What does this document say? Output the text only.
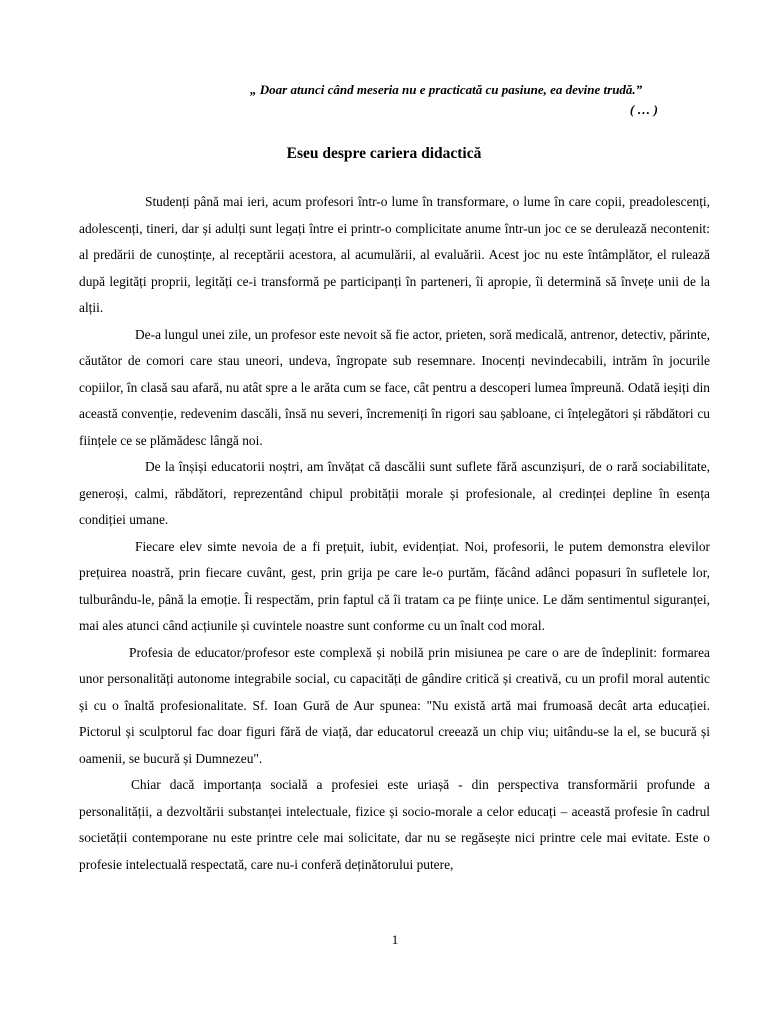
„ Doar atunci când meseria nu e practicată cu pasiune, ea devine trudă.”
( … )
Eseu despre cariera didactică

Studenți până mai ieri, acum profesori într-o lume în transformare, o lume în care copii, preadolescenți, adolescenți, tineri, dar și adulți sunt legați între ei printr-o complicitate anume într-un joc ce se derulează necontenit: al predării de cunoștințe, al receptării acestora, al acumulării, al evaluării. Acest joc nu este întâmplător, el rulează după legități proprii, legități ce-i transformă pe participanți în parteneri, îi apropie, îi determină să învețe unii de la alții.

De-a lungul unei zile, un profesor este nevoit să fie actor, prieten, soră medicală, antrenor, detectiv, părinte, căutător de comori care stau uneori, undeva, îngropate sub resemnare. Inocenți nevindecabili, intrăm în jocurile copiilor, în clasă sau afară, nu atât spre a le arăta cum se face, cât pentru a descoperi lumea împreună. Odată ieșiți din această convenție, redevenim dascăli, însă nu severi, încremeniți în rigori sau șabloane, ci înțelegători și răbdători cu ființele ce se plămădesc lângă noi.

De la înșiși educatorii noștri, am învățat că dascălii sunt suflete fără ascunzișuri, de o rară sociabilitate, generoși, calmi, răbdători, reprezentând chipul probității morale și profesionale, al credinței depline în esența condiției umane.

Fiecare elev simte nevoia de a fi prețuit, iubit, evidențiat. Noi, profesorii, le putem demonstra elevilor prețuirea noastră, prin fiecare cuvânt, gest, prin grija pe care le-o purtăm, făcând adânci popasuri în sufletele lor, tulburându-le, până la emoție. Îi respectăm, prin faptul că îi tratam ca pe ființe unice. Le dăm sentimentul siguranței, mai ales atunci când acțiunile și cuvintele noastre sunt conforme cu un înalt cod moral.

Profesia de educator/profesor este complexă și nobilă prin misiunea pe care o are de îndeplinit: formarea unor personalități autonome integrabile social, cu capacități de gândire critică și creativă, cu un profil moral autentic și cu o înaltă profesionalitate. Sf. Ioan Gură de Aur spunea: "Nu există artă mai frumoasă decât arta educației. Pictorul și sculptorul fac doar figuri fără de viață, dar educatorul creează un chip viu; uitându-se la el, se bucură și oamenii, se bucură și Dumnezeu".

Chiar dacă importanța socială a profesiei este uriașă - din perspectiva transformării profunde a personalității, a dezvoltării substanței intelectuale, fizice și socio-morale a celor educați – această profesie în cadrul societății contemporane nu este printre cele mai solicitate, dar nu se regăsește nici printre cele mai evitate. Este o profesie intelectuală respectată, care nu-i conferă deținătorului putere,

1
